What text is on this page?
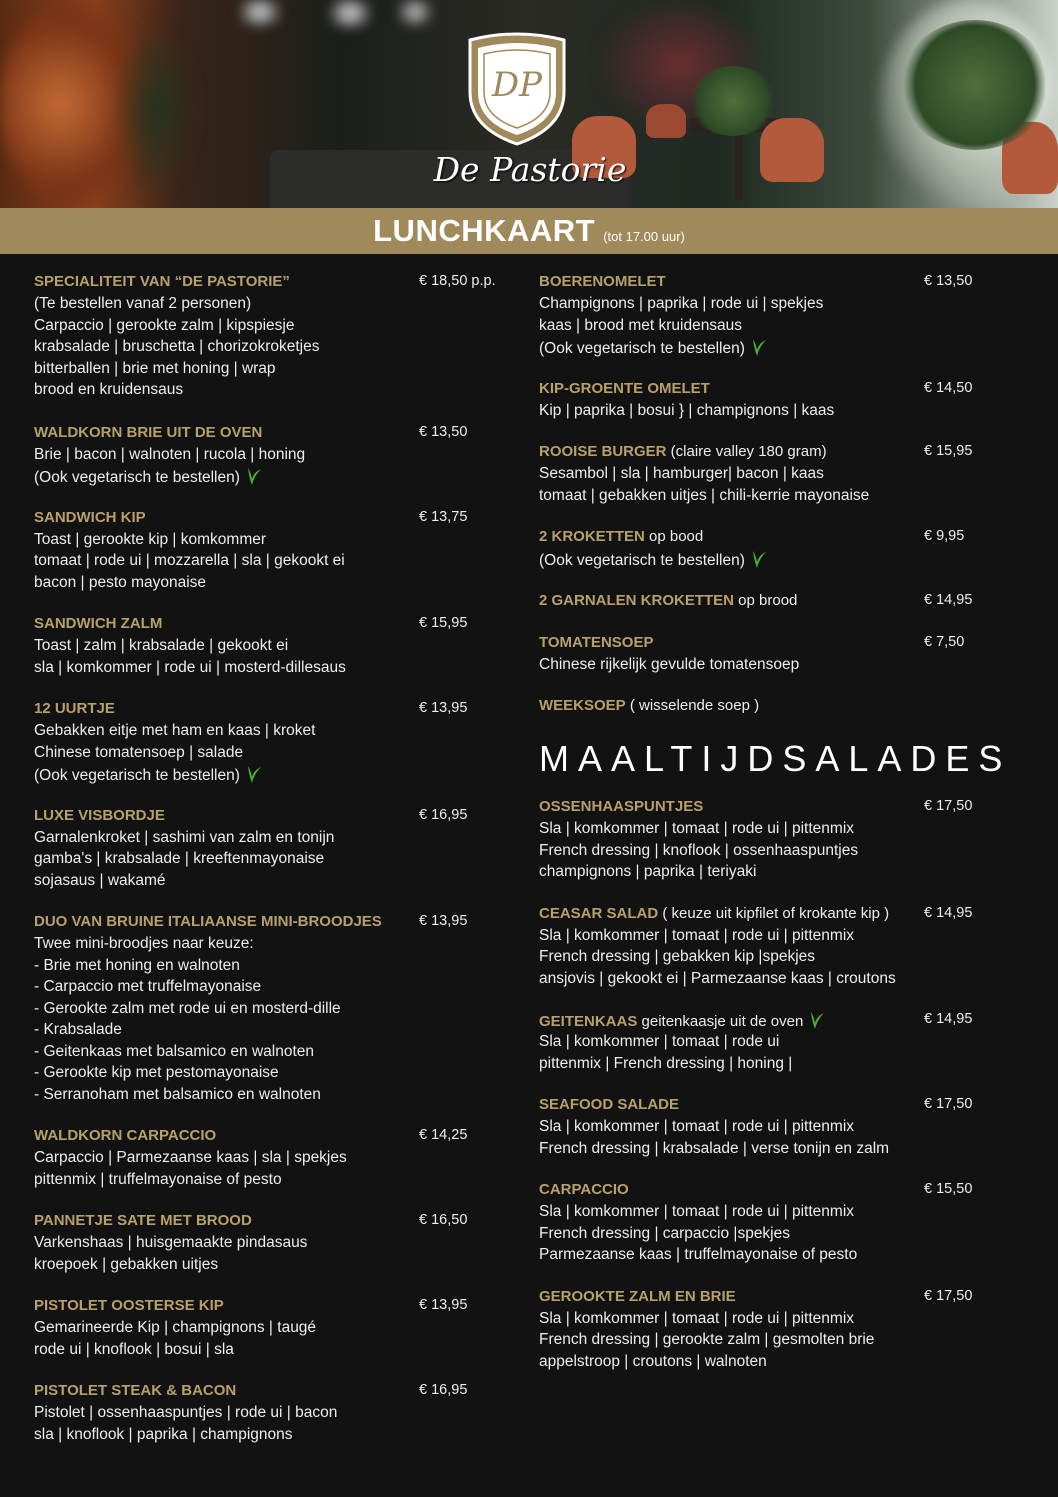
DP
De Pastorie
LUNCHKAART (tot 17.00 uur)
SPECIALITEIT VAN “DE PASTORIE”	€ 18,50 p.p.
(Te bestellen vanaf 2 personen)
Carpaccio | gerookte zalm | kipspiesje
krabsalade | bruschetta | chorizokroketjes
bitterballen | brie met honing | wrap
brood en kruidensaus
WALDKORN BRIE UIT DE OVEN	€ 13,50
Brie | bacon | walnoten | rucola | honing
(Ook vegetarisch te bestellen)
SANDWICH KIP	€ 13,75
Toast | gerookte kip | komkommer
tomaat | rode ui | mozzarella | sla | gekookt ei
bacon | pesto mayonaise
SANDWICH ZALM	€ 15,95
Toast | zalm | krabsalade | gekookt ei
sla | komkommer | rode ui | mosterd-dillesaus
12 UURTJE	€ 13,95
Gebakken eitje met ham en kaas | kroket
Chinese tomatensoep | salade
(Ook vegetarisch te bestellen)
LUXE VISBORDJE	€ 16,95
Garnalenkroket | sashimi van zalm en tonijn
gamba's | krabsalade | kreeftenmayonaise
sojasaus | wakamé
DUO VAN BRUINE ITALIAANSE MINI-BROODJES	€ 13,95
Twee mini-broodjes naar keuze:
- Brie met honing en walnoten
- Carpaccio met truffelmayonaise
- Gerookte zalm met rode ui en mosterd-dille
- Krabsalade
- Geitenkaas met balsamico en walnoten
- Gerookte kip met pestomayonaise
- Serranoham met balsamico en walnoten
WALDKORN CARPACCIO	€ 14,25
Carpaccio | Parmezaanse kaas | sla | spekjes
pittenmix | truffelmayonaise of pesto
PANNETJE SATE MET BROOD	€ 16,50
Varkenshaas | huisgemaakte pindasaus
kroepoek | gebakken uitjes
PISTOLET OOSTERSE KIP	€ 13,95
Gemarineerde Kip | champignons | taugé
rode ui | knoflook | bosui | sla
PISTOLET STEAK & BACON	€ 16,95
Pistolet | ossenhaaspuntjes | rode ui | bacon
sla | knoflook | paprika | champignons
BOERENOMELET	€ 13,50
Champignons | paprika | rode ui | spekjes
kaas | brood met kruidensaus
(Ook vegetarisch te bestellen)
KIP-GROENTE OMELET	€ 14,50
Kip | paprika | bosui } | champignons | kaas
ROOISE BURGER (claire valley 180 gram)	€ 15,95
Sesambol | sla | hamburger| bacon | kaas
tomaat | gebakken uitjes | chili-kerrie mayonaise
2 KROKETTEN op bood	€ 9,95
(Ook vegetarisch te bestellen)
2 GARNALEN KROKETTEN op brood	€ 14,95
TOMATENSOEP	€ 7,50
Chinese rijkelijk gevulde tomatensoep
WEEKSOEP ( wisselende soep )
MAALTIJDSALADES
OSSENHAASPUNTJES	€ 17,50
Sla | komkommer | tomaat | rode ui | pittenmix
French dressing | knoflook | ossenhaaspuntjes
champignons | paprika | teriyaki
CEASAR SALAD ( keuze uit kipfilet of krokante kip )	€ 14,95
Sla | komkommer | tomaat | rode ui | pittenmix
French dressing | gebakken kip |spekjes
ansjovis | gekookt ei | Parmezaanse kaas | croutons
GEITENKAAS geitenkaasje uit de oven	€ 14,95
Sla | komkommer | tomaat | rode ui
pittenmix | French dressing | honing |
SEAFOOD SALADE	€ 17,50
Sla | komkommer | tomaat | rode ui | pittenmix
French dressing | krabsalade | verse tonijn en zalm
CARPACCIO	€ 15,50
Sla | komkommer | tomaat | rode ui | pittenmix
French dressing | carpaccio |spekjes
Parmezaanse kaas | truffelmayonaise of pesto
GEROOKTE ZALM EN BRIE	€ 17,50
Sla | komkommer | tomaat | rode ui | pittenmix
French dressing | gerookte zalm | gesmolten brie
appelstroop | croutons | walnoten
